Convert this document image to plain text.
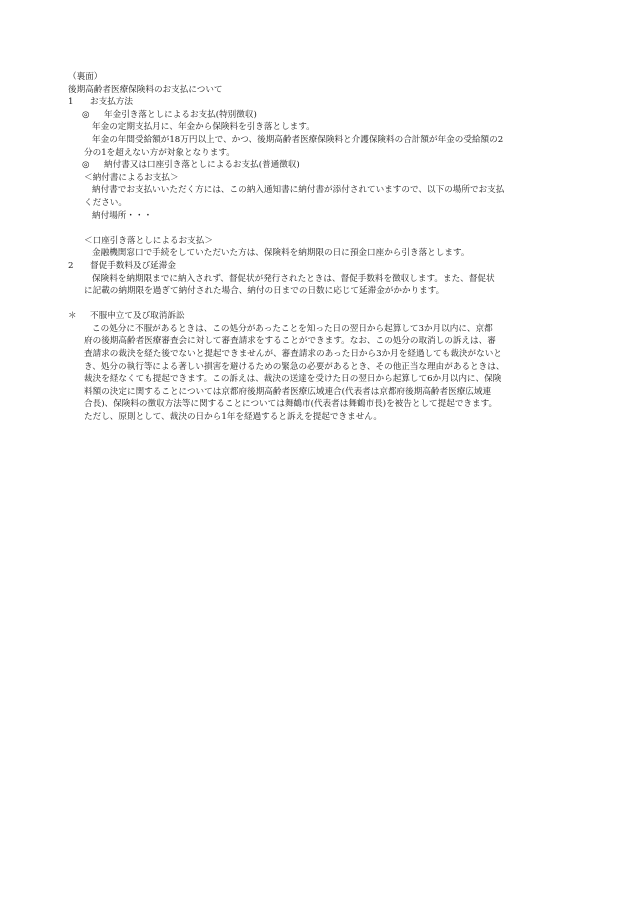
（裏面）
後期高齢者医療保険料のお支払について
1 お支払方法
◎ 年金引き落としによるお支払(特別徴収)
年金の定期支払月に、年金から保険料を引き落とします。
年金の年間受給額が18万円以上で、かつ、後期高齢者医療保険料と介護保険料の合計額が年金の受給額の2
分の1を超えない方が対象となります。
◎ 納付書又は口座引き落としによるお支払(普通徴収)
＜納付書によるお支払＞
納付書でお支払いいただく方には、この納入通知書に納付書が添付されていますので、以下の場所でお支払
ください。
納付場所・・・
＜口座引き落としによるお支払＞
金融機関窓口で手続をしていただいた方は、保険料を納期限の日に預金口座から引き落とします。
2 督促手数料及び延滞金
保険料を納期限までに納入されず、督促状が発行されたときは、督促手数料を徴収します。また、督促状
に記載の納期限を過ぎて納付された場合、納付の日までの日数に応じて延滞金がかかります。
＊ 不服申立て及び取消訴訟
この処分に不服があるときは、この処分があったことを知った日の翌日から起算して3か月以内に、京都
府の後期高齢者医療審査会に対して審査請求をすることができます。なお、この処分の取消しの訴えは、審
査請求の裁決を経た後でないと提起できませんが、審査請求のあった日から3か月を経過しても裁決がないと
き、処分の執行等による著しい損害を避けるための緊急の必要があるとき、その他正当な理由があるときは、
裁決を経なくても提起できます。この訴えは、裁決の送達を受けた日の翌日から起算して6か月以内に、保険
料額の決定に関することについては京都府後期高齢者医療広域連合(代表者は京都府後期高齢者医療広域連
合長)、保険料の徴収方法等に関することについては舞鶴市(代表者は舞鶴市長)を被告として提起できます。
ただし、原則として、裁決の日から1年を経過すると訴えを提起できません。
